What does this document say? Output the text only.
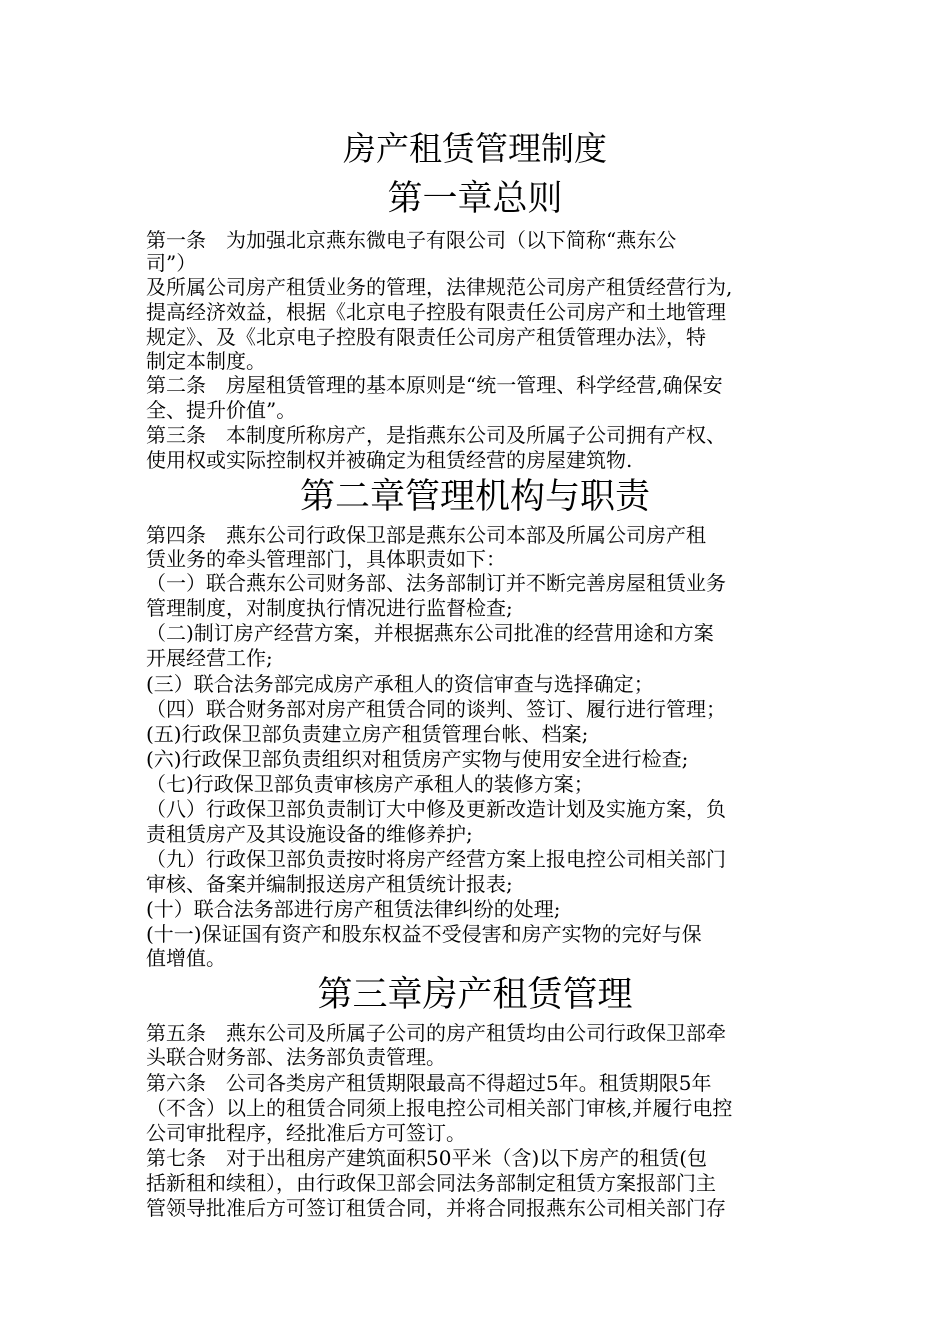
房产租赁管理制度
第一章总则

第一条　为加强北京燕东微电子有限公司（以下简称“燕东公

司”）

及所属公司房产租赁业务的管理，法律规范公司房产租赁经营行为,

提高经济效益，根据《北京电子控股有限责任公司房产和土地管理

规定》、及《北京电子控股有限责任公司房产租赁管理办法》，特

制定本制度。

第二条　房屋租赁管理的基本原则是“统一管理、科学经营,确保安

全、提升价值”。

第三条　本制度所称房产，是指燕东公司及所属子公司拥有产权、

使用权或实际控制权并被确定为租赁经营的房屋建筑物.

第二章管理机构与职责

第四条　燕东公司行政保卫部是燕东公司本部及所属公司房产租

赁业务的牵头管理部门，具体职责如下：

（一）联合燕东公司财务部、法务部制订并不断完善房屋租赁业务

管理制度，对制度执行情况进行监督检查;

（二)制订房产经营方案，并根据燕东公司批准的经营用途和方案

开展经营工作;

(三）联合法务部完成房产承租人的资信审查与选择确定；

（四）联合财务部对房产租赁合同的谈判、签订、履行进行管理；

(五)行政保卫部负责建立房产租赁管理台帐、档案;

(六)行政保卫部负责组织对租赁房产实物与使用安全进行检查;

（七)行政保卫部负责审核房产承租人的装修方案；

（八）行政保卫部负责制订大中修及更新改造计划及实施方案，负

责租赁房产及其设施设备的维修养护;

（九）行政保卫部负责按时将房产经营方案上报电控公司相关部门

审核、备案并编制报送房产租赁统计报表;

(十）联合法务部进行房产租赁法律纠纷的处理;

(十一)保证国有资产和股东权益不受侵害和房产实物的完好与保

值增值。

第三章房产租赁管理

第五条　燕东公司及所属子公司的房产租赁均由公司行政保卫部牵

头联合财务部、法务部负责管理。

第六条　公司各类房产租赁期限最高不得超过5年。租赁期限5年

（不含）以上的租赁合同须上报电控公司相关部门审核,并履行电控

公司审批程序，经批准后方可签订。

第七条　对于出租房产建筑面积50平米（含)以下房产的租赁(包

括新租和续租），由行政保卫部会同法务部制定租赁方案报部门主

管领导批准后方可签订租赁合同，并将合同报燕东公司相关部门存
